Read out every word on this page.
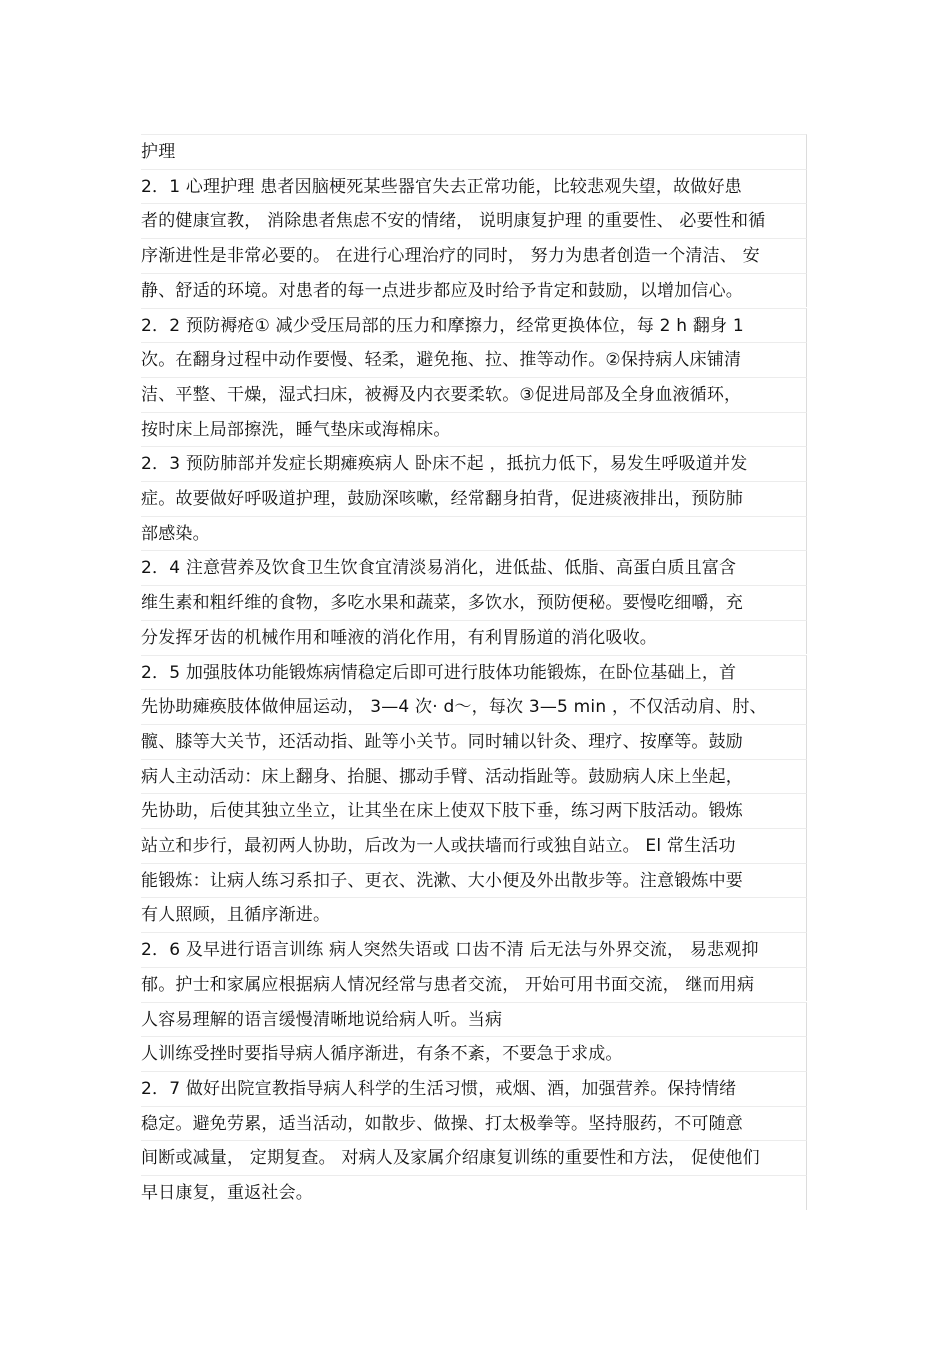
护理
2．1 心理护理 患者因脑梗死某些器官失去正常功能，比较悲观失望，故做好患
者的健康宣教， 消除患者焦虑不安的情绪， 说明康复护理 的重要性、 必要性和循
序渐进性是非常必要的。 在进行心理治疗的同时， 努力为患者创造一个清洁、 安
静、舒适的环境。对患者的每一点进步都应及时给予肯定和鼓励，以增加信心。
2．2 预防褥疮① 减少受压局部的压力和摩擦力，经常更换体位，每 2 h 翻身 1
次。在翻身过程中动作要慢、轻柔，避免拖、拉、推等动作。②保持病人床铺清
洁、平整、干燥，湿式扫床，被褥及内衣要柔软。③促进局部及全身血液循环，
按时床上局部擦洗，睡气垫床或海棉床。
2．3 预防肺部并发症长期瘫痪病人 卧床不起 ，抵抗力低下，易发生呼吸道并发
症。故要做好呼吸道护理，鼓励深咳嗽，经常翻身拍背，促进痰液排出，预防肺
部感染。
2．4 注意营养及饮食卫生饮食宜清淡易消化，进低盐、低脂、高蛋白质且富含
维生素和粗纤维的食物，多吃水果和蔬菜，多饮水，预防便秘。要慢吃细嚼，充
分发挥牙齿的机械作用和唾液的消化作用，有利胃肠道的消化吸收。
2．5 加强肢体功能锻炼病情稳定后即可进行肢体功能锻炼，在卧位基础上，首
先协助瘫痪肢体做伸屈运动， 3—4 次· d～，每次 3—5 min ，不仅活动肩、肘、
髋、膝等大关节，还活动指、趾等小关节。同时辅以针灸、理疗、按摩等。鼓励
病人主动活动：床上翻身、抬腿、挪动手臂、活动指趾等。鼓励病人床上坐起，
先协助，后使其独立坐立，让其坐在床上使双下肢下垂，练习两下肢活动。锻炼
站立和步行，最初两人协助，后改为一人或扶墙而行或独自站立。 El 常生活功
能锻炼：让病人练习系扣子、更衣、洗漱、大小便及外出散步等。注意锻炼中要
有人照顾，且循序渐进。
2．6 及早进行语言训练 病人突然失语或 口齿不清 后无法与外界交流， 易悲观抑
郁。护士和家属应根据病人情况经常与患者交流， 开始可用书面交流， 继而用病
人容易理解的语言缓慢清晰地说给病人听。当病
人训练受挫时要指导病人循序渐进，有条不紊，不要急于求成。
2．7 做好出院宣教指导病人科学的生活习惯，戒烟、酒，加强营养。保持情绪
稳定。避免劳累，适当活动，如散步、做操、打太极拳等。坚持服药，不可随意
间断或减量， 定期复查。 对病人及家属介绍康复训练的重要性和方法， 促使他们
早日康复，重返社会。
